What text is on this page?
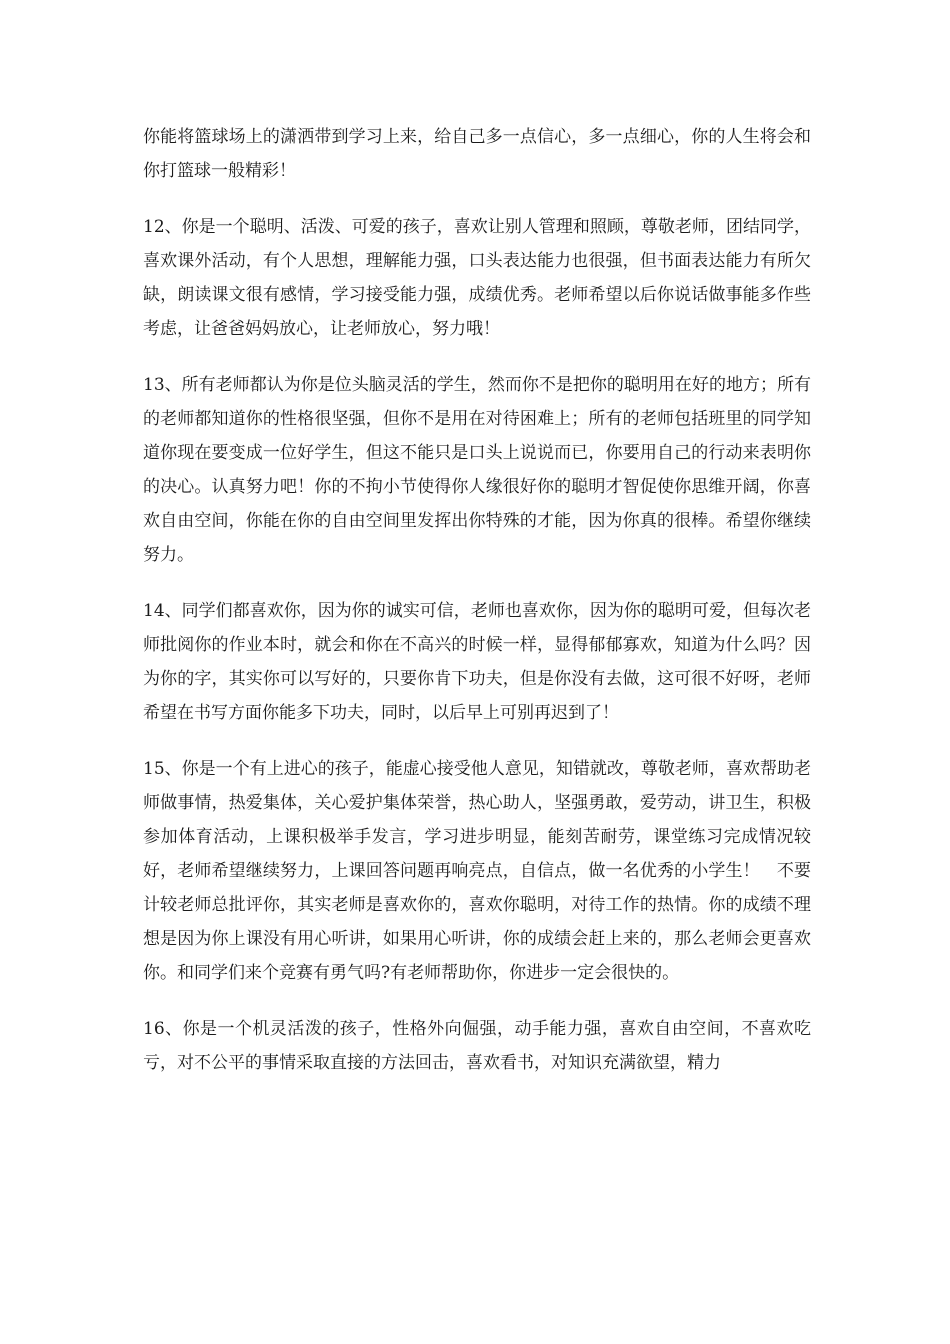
你能将篮球场上的潇洒带到学习上来，给自己多一点信心，多一点细心，你的人生将会和你打篮球一般精彩！

12、你是一个聪明、活泼、可爱的孩子，喜欢让别人管理和照顾，尊敬老师，团结同学，喜欢课外活动，有个人思想，理解能力强，口头表达能力也很强，但书面表达能力有所欠缺，朗读课文很有感情，学习接受能力强，成绩优秀。老师希望以后你说话做事能多作些考虑，让爸爸妈妈放心，让老师放心，努力哦！

13、所有老师都认为你是位头脑灵活的学生，然而你不是把你的聪明用在好的地方；所有的老师都知道你的性格很坚强，但你不是用在对待困难上；所有的老师包括班里的同学知道你现在要变成一位好学生，但这不能只是口头上说说而已，你要用自己的行动来表明你的决心。认真努力吧！你的不拘小节使得你人缘很好你的聪明才智促使你思维开阔，你喜欢自由空间，你能在你的自由空间里发挥出你特殊的才能，因为你真的很棒。希望你继续努力。

14、同学们都喜欢你，因为你的诚实可信，老师也喜欢你，因为你的聪明可爱，但每次老师批阅你的作业本时，就会和你在不高兴的时候一样，显得郁郁寡欢，知道为什么吗？因为你的字，其实你可以写好的，只要你肯下功夫，但是你没有去做，这可很不好呀，老师希望在书写方面你能多下功夫，同时，以后早上可别再迟到了！

15、你是一个有上进心的孩子，能虚心接受他人意见，知错就改，尊敬老师，喜欢帮助老师做事情，热爱集体，关心爱护集体荣誉，热心助人，坚强勇敢，爱劳动，讲卫生，积极参加体育活动，上课积极举手发言，学习进步明显，能刻苦耐劳，课堂练习完成情况较好，老师希望继续努力，上课回答问题再响亮点，自信点，做一名优秀的小学生！　不要计较老师总批评你，其实老师是喜欢你的，喜欢你聪明，对待工作的热情。你的成绩不理想是因为你上课没有用心听讲，如果用心听讲，你的成绩会赶上来的，那么老师会更喜欢你。和同学们来个竞赛有勇气吗?有老师帮助你，你进步一定会很快的。

16、你是一个机灵活泼的孩子，性格外向倔强，动手能力强，喜欢自由空间，不喜欢吃亏，对不公平的事情采取直接的方法回击，喜欢看书，对知识充满欲望，精力
